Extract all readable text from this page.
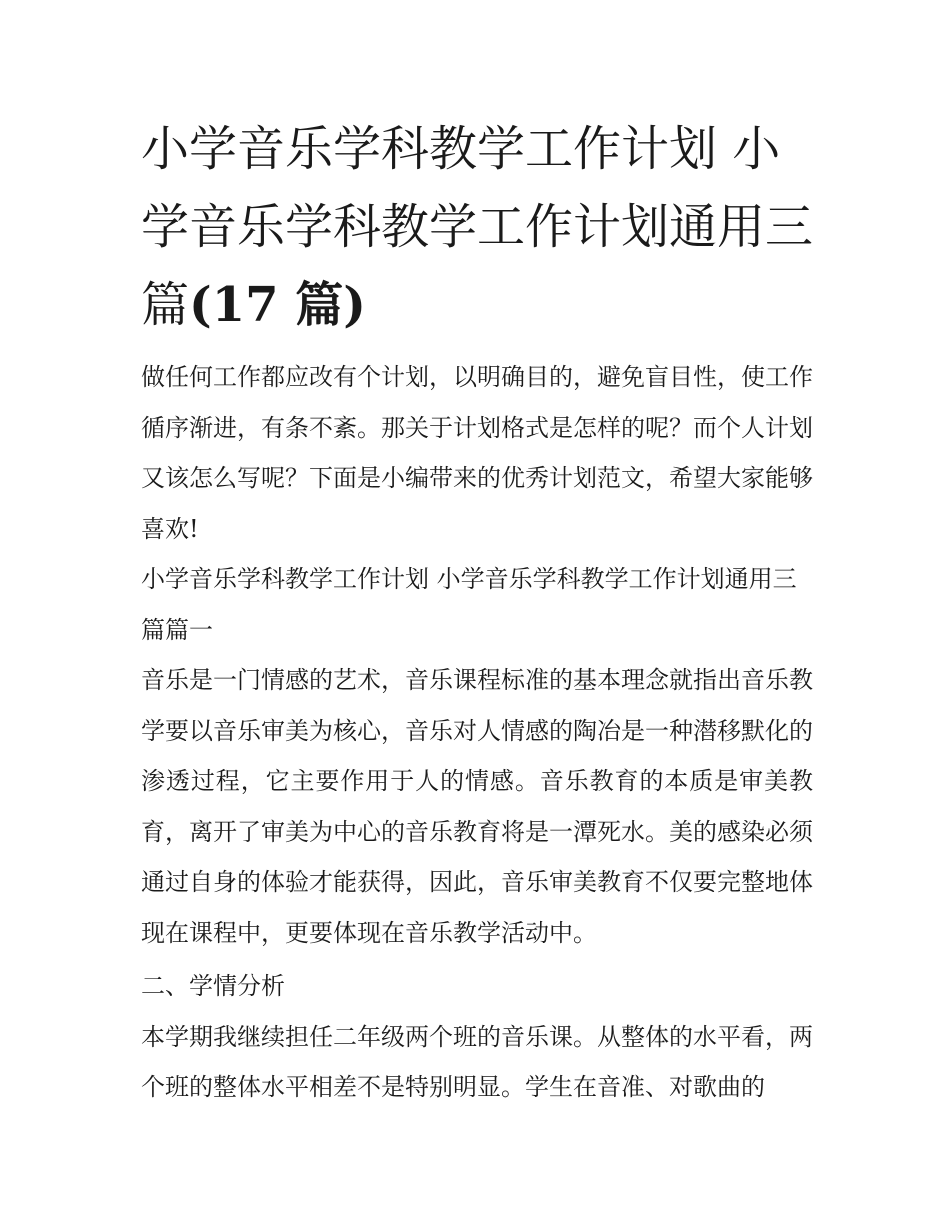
小学音乐学科教学工作计划 小学音乐学科教学工作计划通用三篇(17 篇)

做任何工作都应改有个计划，以明确目的，避免盲目性，使工作循序渐进，有条不紊。那关于计划格式是怎样的呢？而个人计划又该怎么写呢？下面是小编带来的优秀计划范文，希望大家能够喜欢!

小学音乐学科教学工作计划 小学音乐学科教学工作计划通用三篇篇一

音乐是一门情感的艺术，音乐课程标准的基本理念就指出音乐教学要以音乐审美为核心，音乐对人情感的陶冶是一种潜移默化的渗透过程，它主要作用于人的情感。音乐教育的本质是审美教育，离开了审美为中心的音乐教育将是一潭死水。美的感染必须通过自身的体验才能获得，因此，音乐审美教育不仅要完整地体现在课程中，更要体现在音乐教学活动中。

二、学情分析

本学期我继续担任二年级两个班的音乐课。从整体的水平看，两个班的整体水平相差不是特别明显。学生在音准、对歌曲的
